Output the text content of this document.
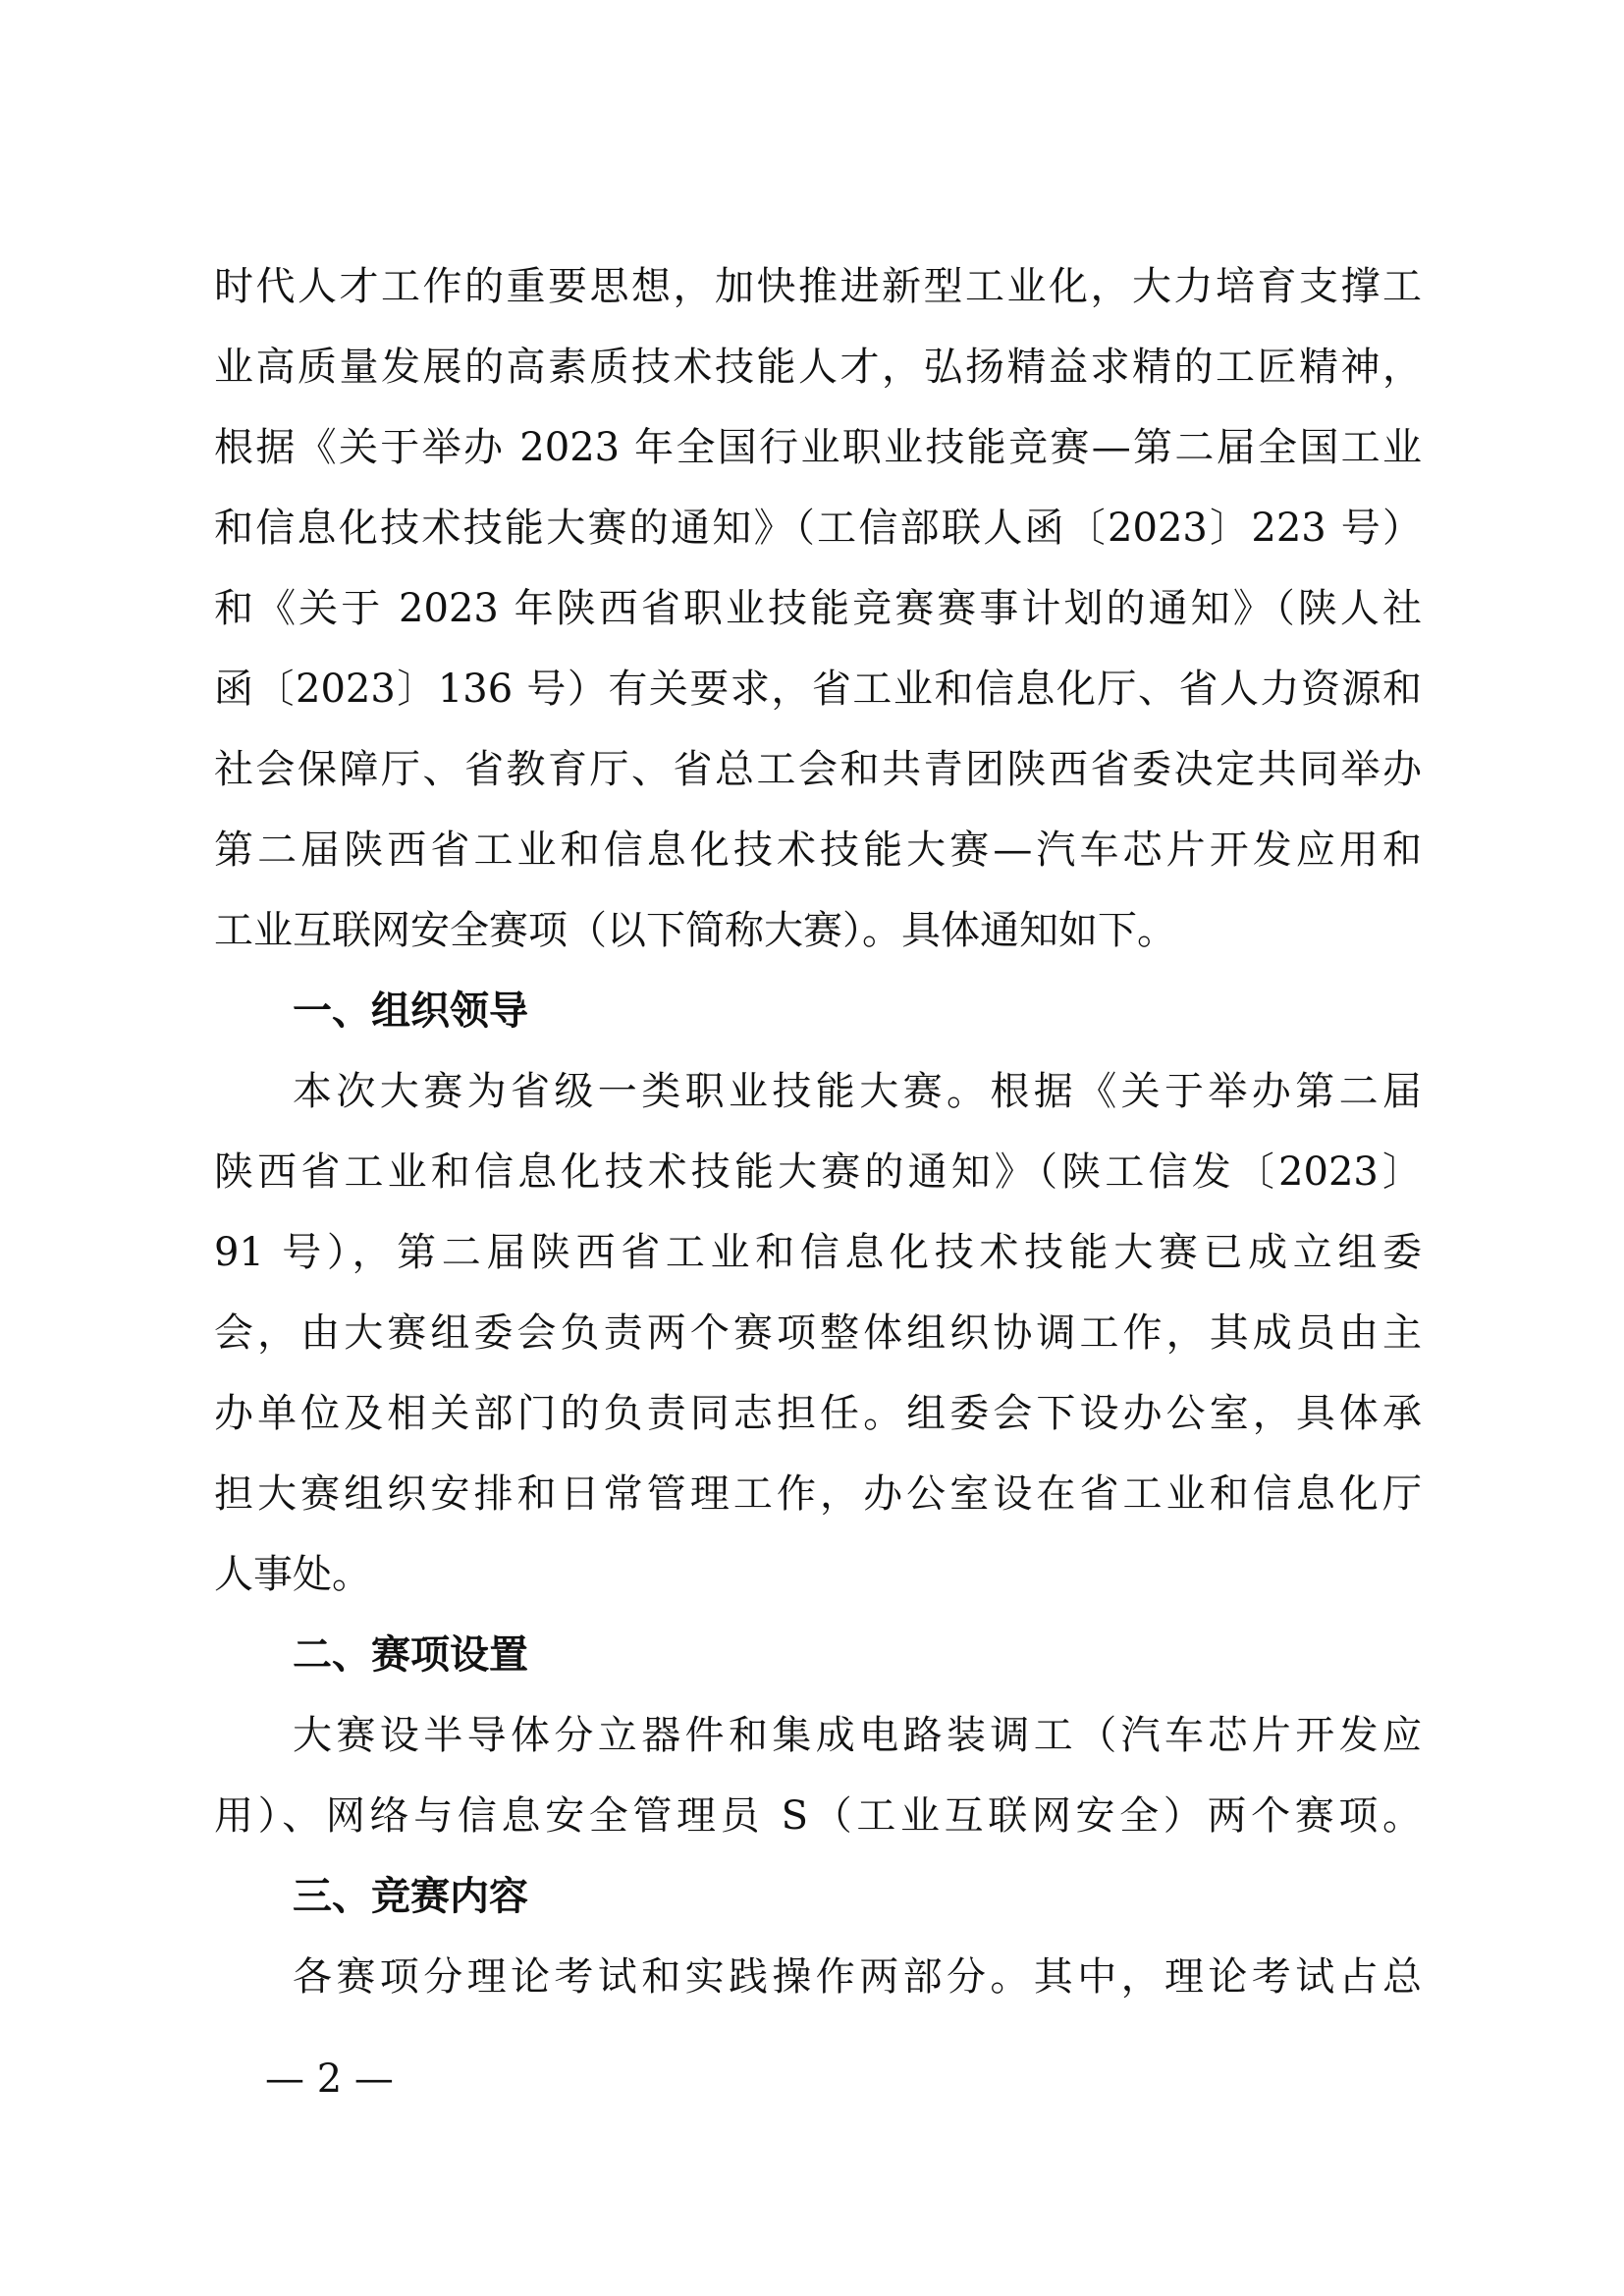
时代人才工作的重要思想，加快推进新型工业化，大力培育支撑工
业高质量发展的高素质技术技能人才，弘扬精益求精的工匠精神，
根据《关于举办 2023 年全国行业职业技能竞赛—第二届全国工业
和信息化技术技能大赛的通知》（工信部联人函〔2023〕223 号）
和《关于 2023 年陕西省职业技能竞赛赛事计划的通知》（陕人社
函〔2023〕136 号）有关要求，省工业和信息化厅、省人力资源和
社会保障厅、省教育厅、省总工会和共青团陕西省委决定共同举办
第二届陕西省工业和信息化技术技能大赛—汽车芯片开发应用和
工业互联网安全赛项（以下简称大赛）。具体通知如下。
一、组织领导
本次大赛为省级一类职业技能大赛。根据《关于举办第二届
陕西省工业和信息化技术技能大赛的通知》（陕工信发〔2023〕
91 号），第二届陕西省工业和信息化技术技能大赛已成立组委
会，由大赛组委会负责两个赛项整体组织协调工作，其成员由主
办单位及相关部门的负责同志担任。组委会下设办公室，具体承
担大赛组织安排和日常管理工作，办公室设在省工业和信息化厅
人事处。
二、赛项设置
大赛设半导体分立器件和集成电路装调工（汽车芯片开发应
用）、网络与信息安全管理员 S（工业互联网安全）两个赛项。
三、竞赛内容
各赛项分理论考试和实践操作两部分。其中，理论考试占总
— 2 —
